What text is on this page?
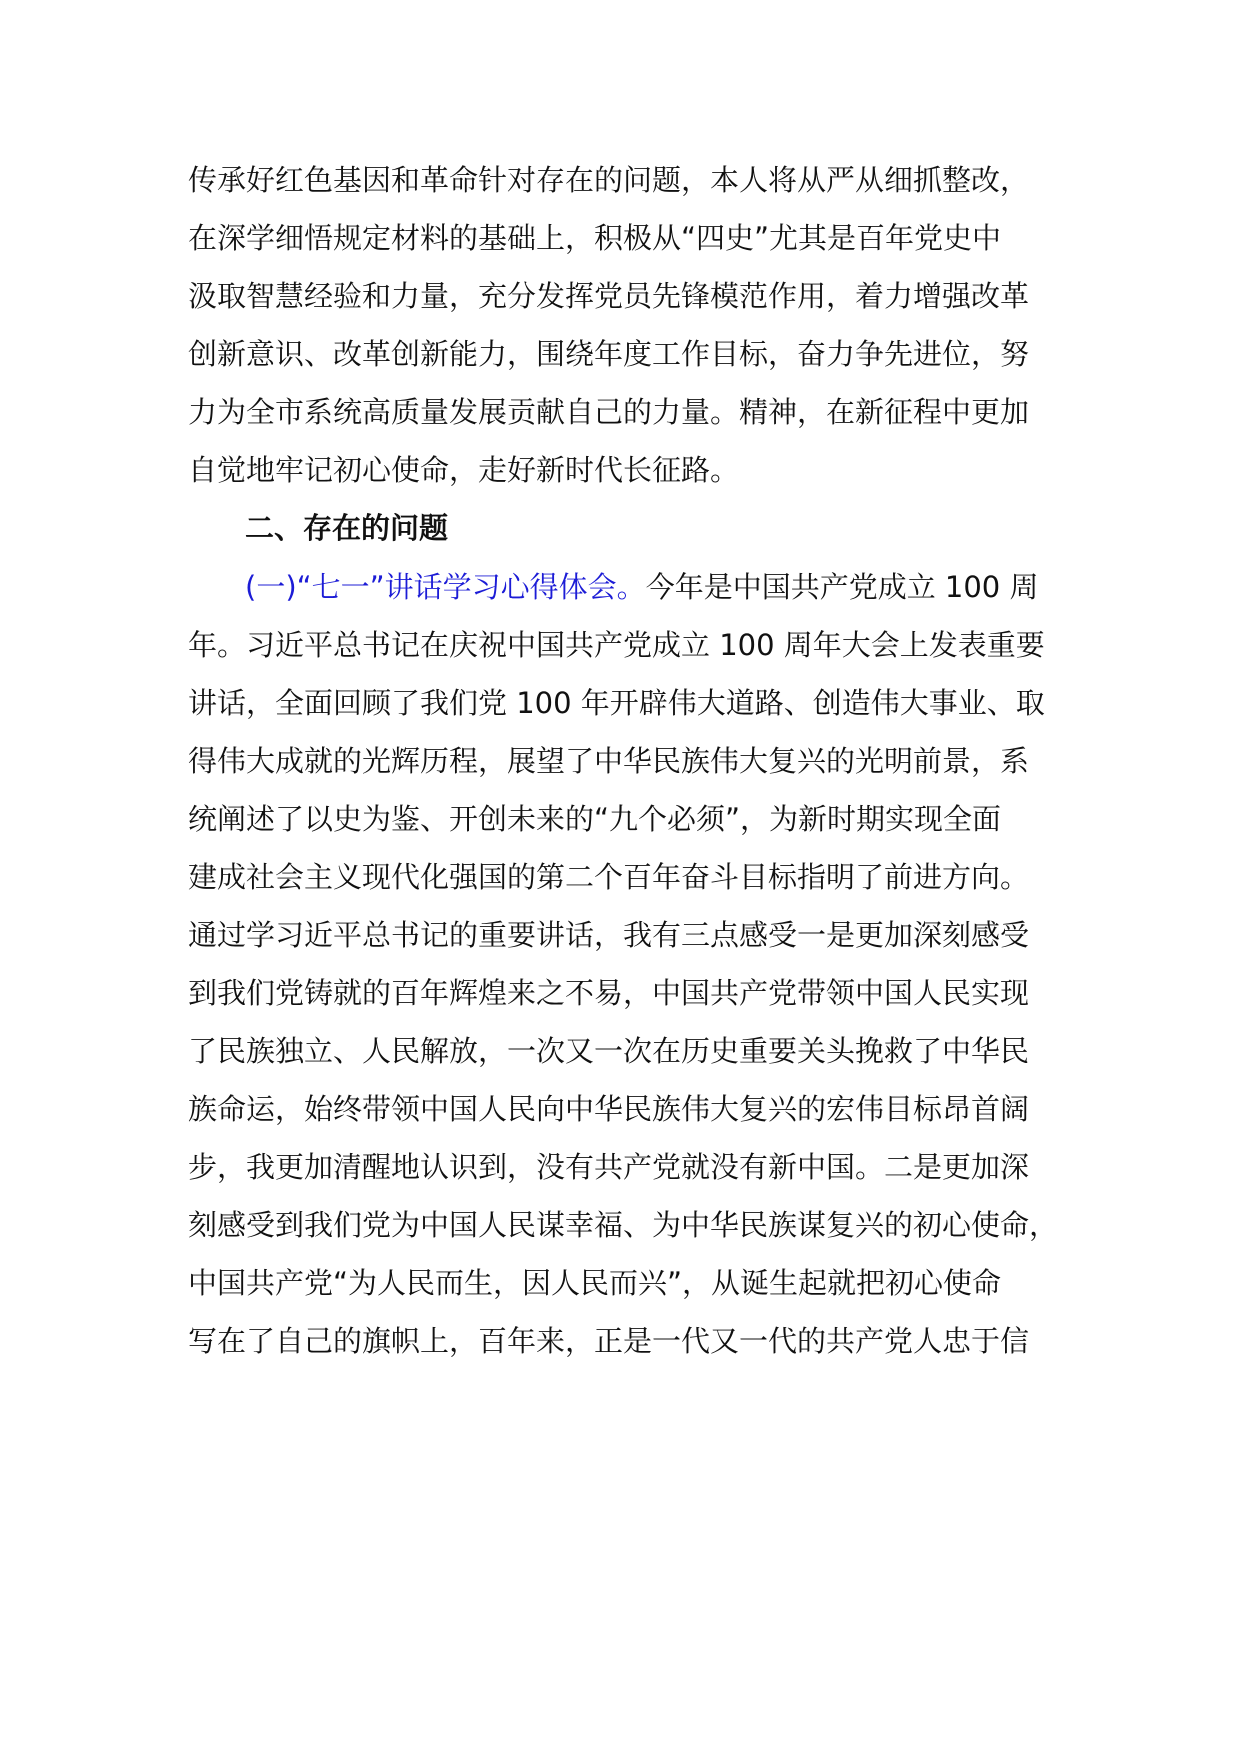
传承好红色基因和革命针对存在的问题，本人将从严从细抓整改，
在深学细悟规定材料的基础上，积极从“四史”尤其是百年党史中
汲取智慧经验和力量，充分发挥党员先锋模范作用，着力增强改革
创新意识、改革创新能力，围绕年度工作目标，奋力争先进位，努
力为全市系统高质量发展贡献自己的力量。精神，在新征程中更加
自觉地牢记初心使命，走好新时代长征路。
二、存在的问题
(一)“七一”讲话学习心得体会。今年是中国共产党成立 100 周
年。习近平总书记在庆祝中国共产党成立 100 周年大会上发表重要
讲话，全面回顾了我们党 100 年开辟伟大道路、创造伟大事业、取
得伟大成就的光辉历程，展望了中华民族伟大复兴的光明前景，系
统阐述了以史为鉴、开创未来的“九个必须”，为新时期实现全面
建成社会主义现代化强国的第二个百年奋斗目标指明了前进方向。
通过学习近平总书记的重要讲话，我有三点感受一是更加深刻感受
到我们党铸就的百年辉煌来之不易，中国共产党带领中国人民实现
了民族独立、人民解放，一次又一次在历史重要关头挽救了中华民
族命运，始终带领中国人民向中华民族伟大复兴的宏伟目标昂首阔
步，我更加清醒地认识到，没有共产党就没有新中国。二是更加深
刻感受到我们党为中国人民谋幸福、为中华民族谋复兴的初心使命，
中国共产党“为人民而生，因人民而兴”，从诞生起就把初心使命
写在了自己的旗帜上，百年来，正是一代又一代的共产党人忠于信
